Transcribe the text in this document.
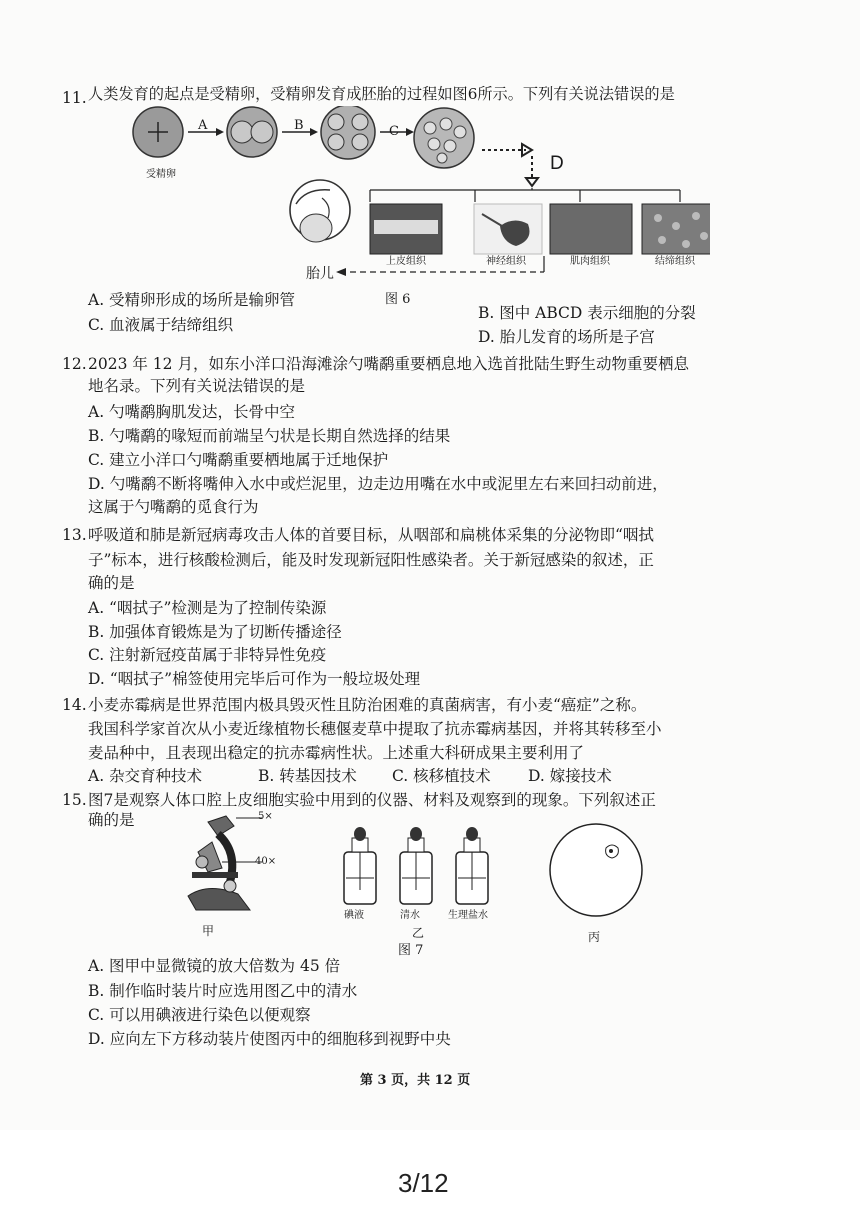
11. 人类发育的起点是受精卵，受精卵发育成胚胎的过程如图6所示。下列有关说法错误的是
受精卵
A	B	C
D
胎儿
上皮组织	神经组织	肌肉组织	结缔组织
图 6
A. 受精卵形成的场所是输卵管
B. 图中 ABCD 表示细胞的分裂
C. 血液属于结缔组织
D. 胎儿发育的场所是子宫
12. 2023 年 12 月，如东小洋口沿海滩涂勺嘴鹬重要栖息地入选首批陆生野生动物重要栖息
地名录。下列有关说法错误的是
A. 勺嘴鹬胸肌发达，长骨中空
B. 勺嘴鹬的喙短而前端呈勺状是长期自然选择的结果
C. 建立小洋口勺嘴鹬重要栖地属于迁地保护
D. 勺嘴鹬不断将嘴伸入水中或烂泥里，边走边用嘴在水中或泥里左右来回扫动前进，
这属于勺嘴鹬的觅食行为
13. 呼吸道和肺是新冠病毒攻击人体的首要目标，从咽部和扁桃体采集的分泌物即“咽拭
子”标本，进行核酸检测后，能及时发现新冠阳性感染者。关于新冠感染的叙述，正
确的是
A. “咽拭子”检测是为了控制传染源
B. 加强体育锻炼是为了切断传播途径
C. 注射新冠疫苗属于非特异性免疫
D. “咽拭子”棉签使用完毕后可作为一般垃圾处理
14. 小麦赤霉病是世界范围内极具毁灭性且防治困难的真菌病害，有小麦“癌症”之称。
我国科学家首次从小麦近缘植物长穗偃麦草中提取了抗赤霉病基因，并将其转移至小
麦品种中，且表现出稳定的抗赤霉病性状。上述重大科研成果主要利用了
A. 杂交育种技术	B. 转基因技术 C. 核移植技术 D. 嫁接技术
15. 图7是观察人体口腔上皮细胞实验中用到的仪器、材料及观察到的现象。下列叙述正
确的是	5×
40×
甲
碘液	清水	生理盐水
乙
图 7
丙
A. 图甲中显微镜的放大倍数为 45 倍
B. 制作临时装片时应选用图乙中的清水
C. 可以用碘液进行染色以便观察
D. 应向左下方移动装片使图丙中的细胞移到视野中央
第 3 页，共 12 页
3/12
